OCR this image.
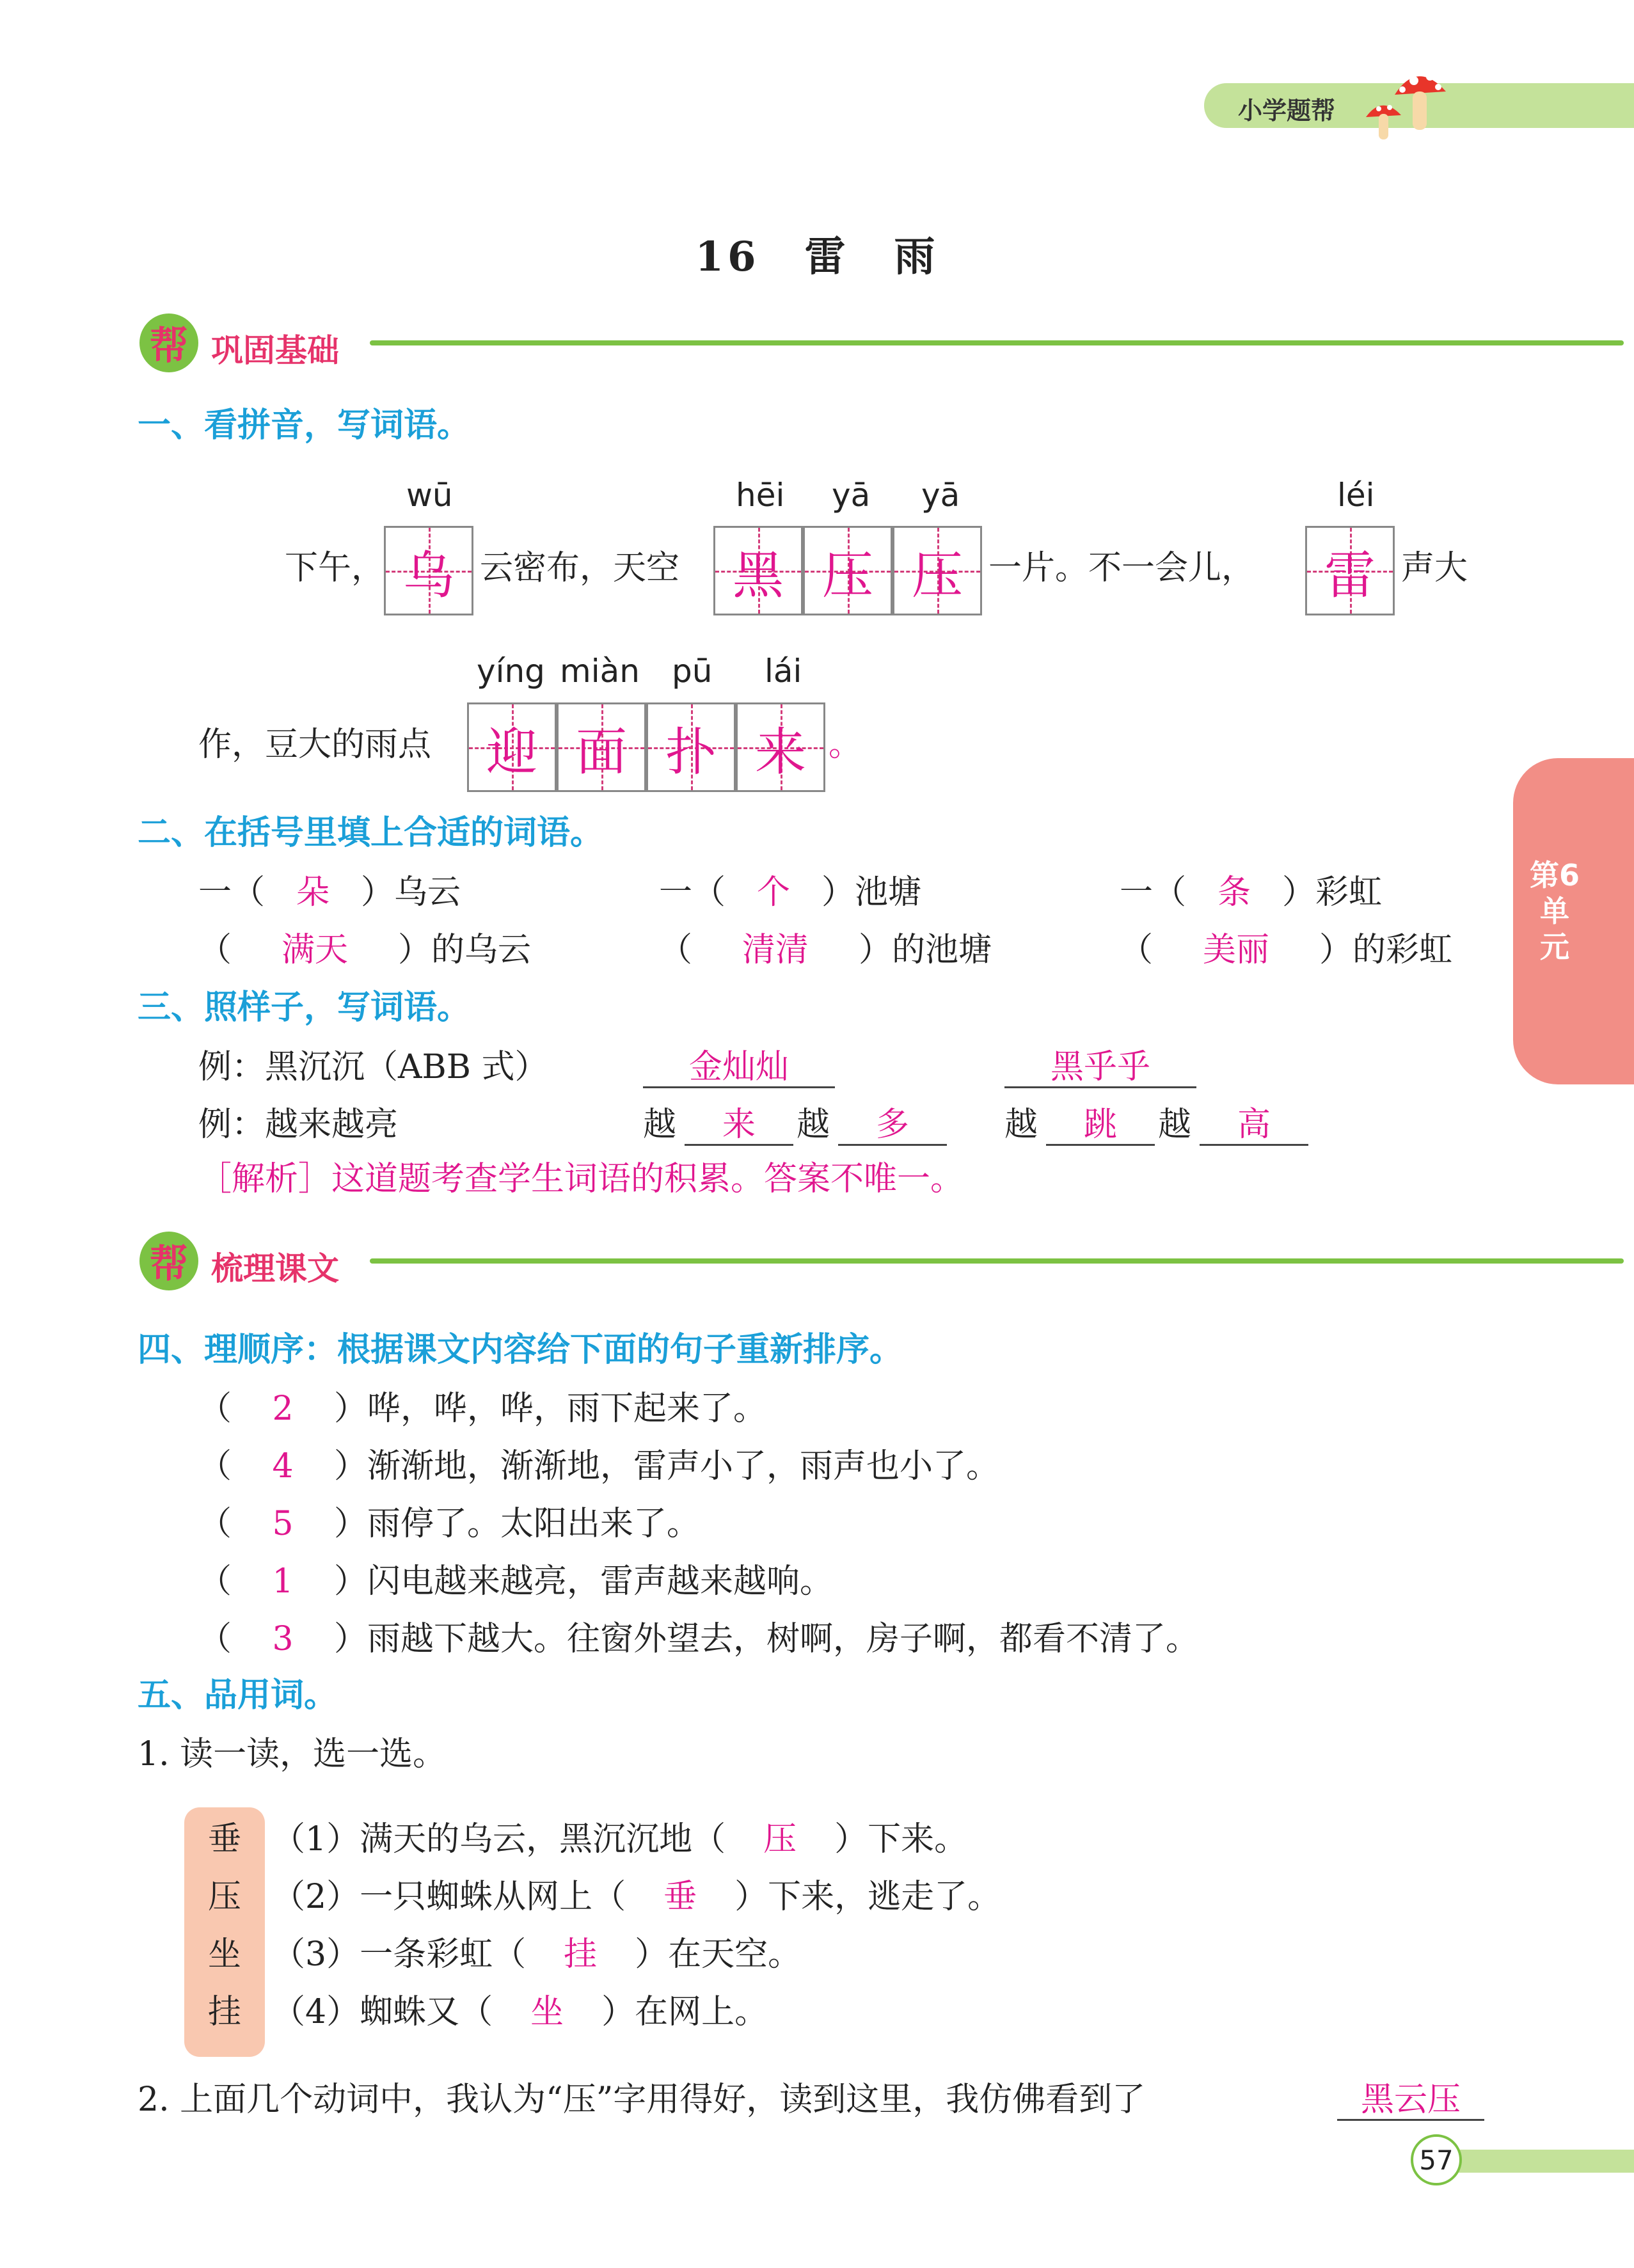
小学题帮
16　雷　雨
帮 巩固基础
一、看拼音，写词语。
wū	hēi yā yā	léi
下午， 乌 云密布，天空	黑 压 压 一片。不一会儿，	雷 声大
yíng miàn pū lái
作，豆大的雨点	迎 面 扑 来 。
第6单元
二、在括号里填上合适的词语。
一（ 朵 ）乌云	一（ 个 ）池塘	一（ 条 ）彩虹
（ 满天 ）的乌云	（ 清清 ）的池塘	（ 美丽 ）的彩虹
三、照样子，写词语。
例：黑沉沉（ABB 式）	金灿灿	黑乎乎
例：越来越亮	越	来	越	多	越	跳	越	高
［解析］这道题考查学生词语的积累。答案不唯一。
帮 梳理课文
四、理顺序：根据课文内容给下面的句子重新排序。
（ 2 ）哗，哗，哗，雨下起来了。
（ 4 ）渐渐地，渐渐地，雷声小了，雨声也小了。
（ 5 ）雨停了。太阳出来了。
（ 1 ）闪电越来越亮，雷声越来越响。
（ 3 ）雨越下越大。往窗外望去，树啊，房子啊，都看不清了。
五、品用词。
1. 读一读，选一选。
垂
压
坐
挂
（1）满天的乌云，黑沉沉地（ 压 ）下来。
（2）一只蜘蛛从网上（ 垂 ）下来，逃走了。
（3）一条彩虹（ 挂 ）在天空。
（4）蜘蛛又（ 坐 ）在网上。
2. 上面几个动词中，我认为“压”字用得好，读到这里，我仿佛看到了	黑云压
57
